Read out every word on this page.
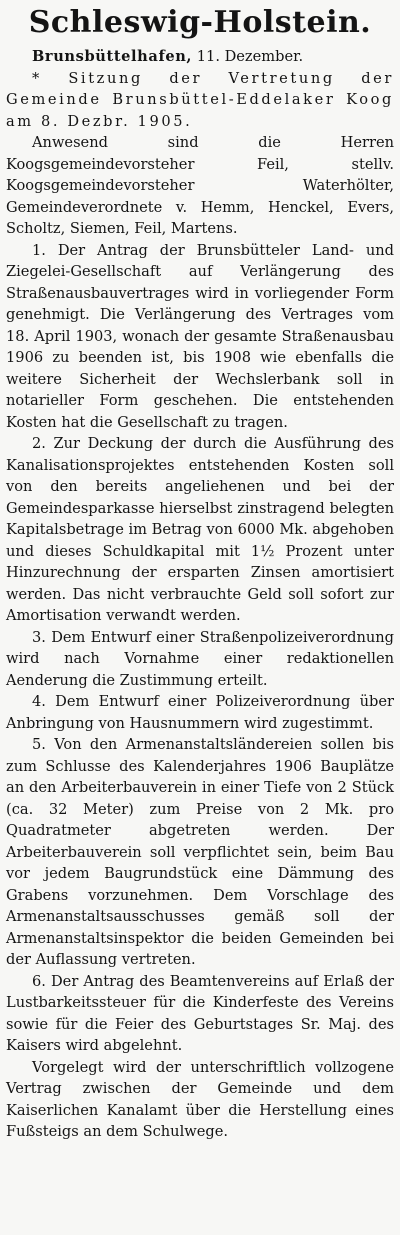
Schleswig-Holstein.
Brunsbüttelhafen, 11. Dezember.

* Sitzung der Vertretung der Gemeinde Brunsbüttel-Eddelaker Koog am 8. Dezbr. 1905.

Anwesend sind die Herren Koogsgemeindevorsteher Feil, stellv. Koogsgemeindevorsteher Waterhölter, Gemeindeverordnete v. Hemm, Henckel, Evers, Scholtz, Siemen, Feil, Martens.

1. Der Antrag der Brunsbütteler Land- und Ziegelei-Gesellschaft auf Verlängerung des Straßenausbauvertrages wird in vorliegender Form genehmigt. Die Verlängerung des Vertrages vom 18. April 1903, wonach der gesamte Straßenausbau 1906 zu beenden ist, bis 1908 wie ebenfalls die weitere Sicherheit der Wechslerbank soll in notarieller Form geschehen. Die entstehenden Kosten hat die Gesellschaft zu tragen.

2. Zur Deckung der durch die Ausführung des Kanalisationsprojektes entstehenden Kosten soll von den bereits angeliehenen und bei der Gemeindesparkasse hierselbst zinstragend belegten Kapitalsbetrage im Betrag von 6000 Mk. abgehoben und dieses Schuldkapital mit 1½ Prozent unter Hinzurechnung der ersparten Zinsen amortisiert werden. Das nicht verbrauchte Geld soll sofort zur Amortisation verwandt werden.

3. Dem Entwurf einer Straßenpolizeiverordnung wird nach Vornahme einer redaktionellen Aenderung die Zustimmung erteilt.

4. Dem Entwurf einer Polizeiverordnung über Anbringung von Hausnummern wird zugestimmt.

5. Von den Armenanstaltsländereien sollen bis zum Schlusse des Kalenderjahres 1906 Bauplätze an den Arbeiterbauverein in einer Tiefe von 2 Stück (ca. 32 Meter) zum Preise von 2 Mk. pro Quadratmeter abgetreten werden. Der Arbeiterbauverein soll verpflichtet sein, beim Bau vor jedem Baugrundstück eine Dämmung des Grabens vorzunehmen. Dem Vorschlage des Armenanstaltsausschusses gemäß soll der Armenanstaltsinspektor die beiden Gemeinden bei der Auflassung vertreten.

6. Der Antrag des Beamtenvereins auf Erlaß der Lustbarkeitssteuer für die Kinderfeste des Vereins sowie für die Feier des Geburtstages Sr. Maj. des Kaisers wird abgelehnt.

Vorgelegt wird der unterschriftlich vollzogene Vertrag zwischen der Gemeinde und dem Kaiserlichen Kanalamt über die Herstellung eines Fußsteigs an dem Schulwege.
